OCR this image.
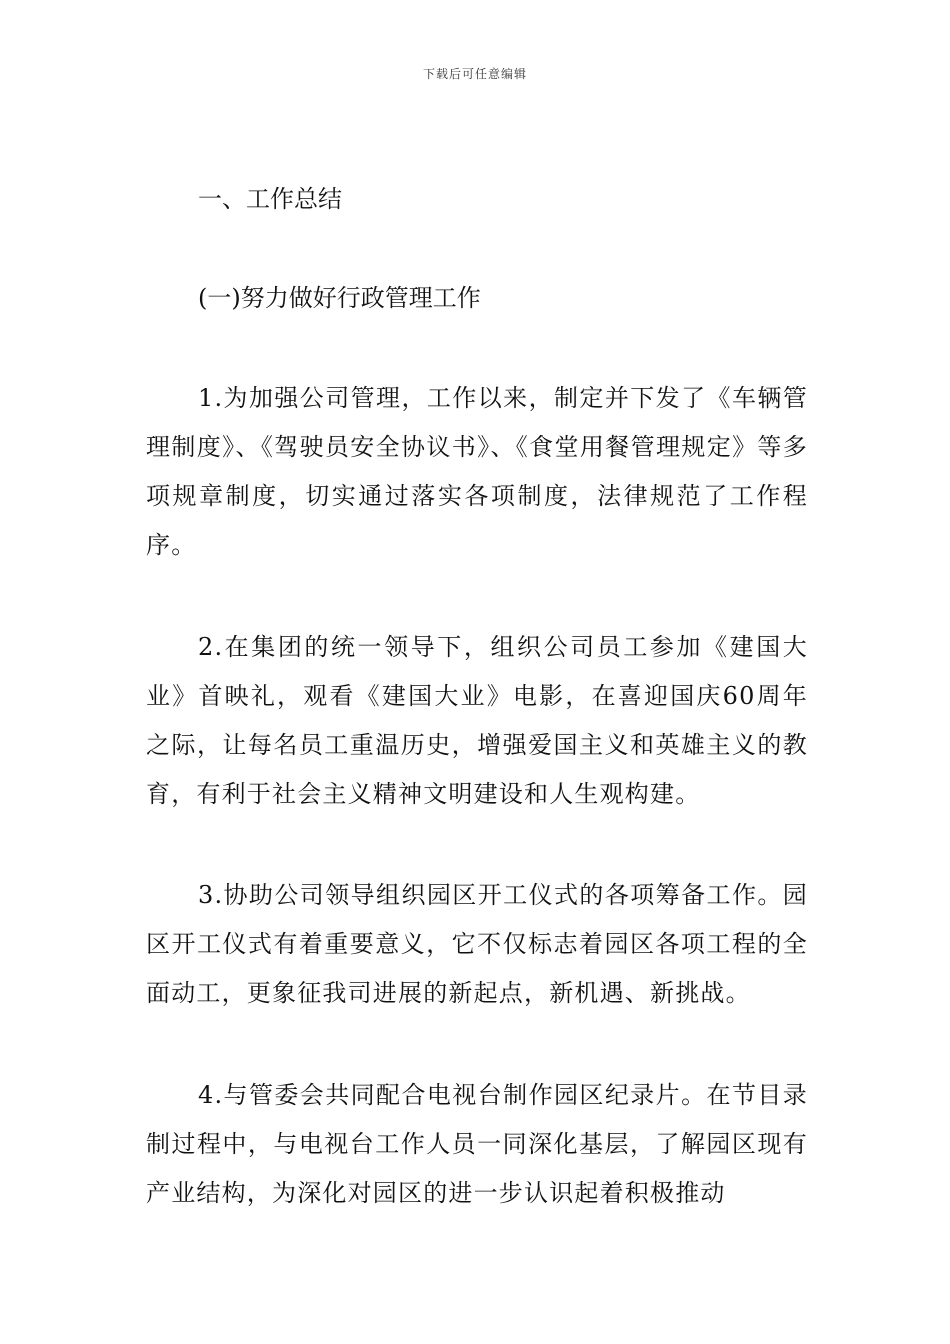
下载后可任意编辑
一、工作总结
(一)努力做好行政管理工作

1.为加强公司管理，工作以来，制定并下发了《车辆管理制度》、《驾驶员安全协议书》、《食堂用餐管理规定》等多项规章制度，切实通过落实各项制度，法律规范了工作程序。

2.在集团的统一领导下，组织公司员工参加《建国大业》首映礼，观看《建国大业》电影，在喜迎国庆60周年之际，让每名员工重温历史，增强爱国主义和英雄主义的教育，有利于社会主义精神文明建设和人生观构建。

3.协助公司领导组织园区开工仪式的各项筹备工作。园区开工仪式有着重要意义，它不仅标志着园区各项工程的全面动工，更象征我司进展的新起点，新机遇、新挑战。

4.与管委会共同配合电视台制作园区纪录片。在节目录制过程中，与电视台工作人员一同深化基层，了解园区现有产业结构，为深化对园区的进一步认识起着积极推动
